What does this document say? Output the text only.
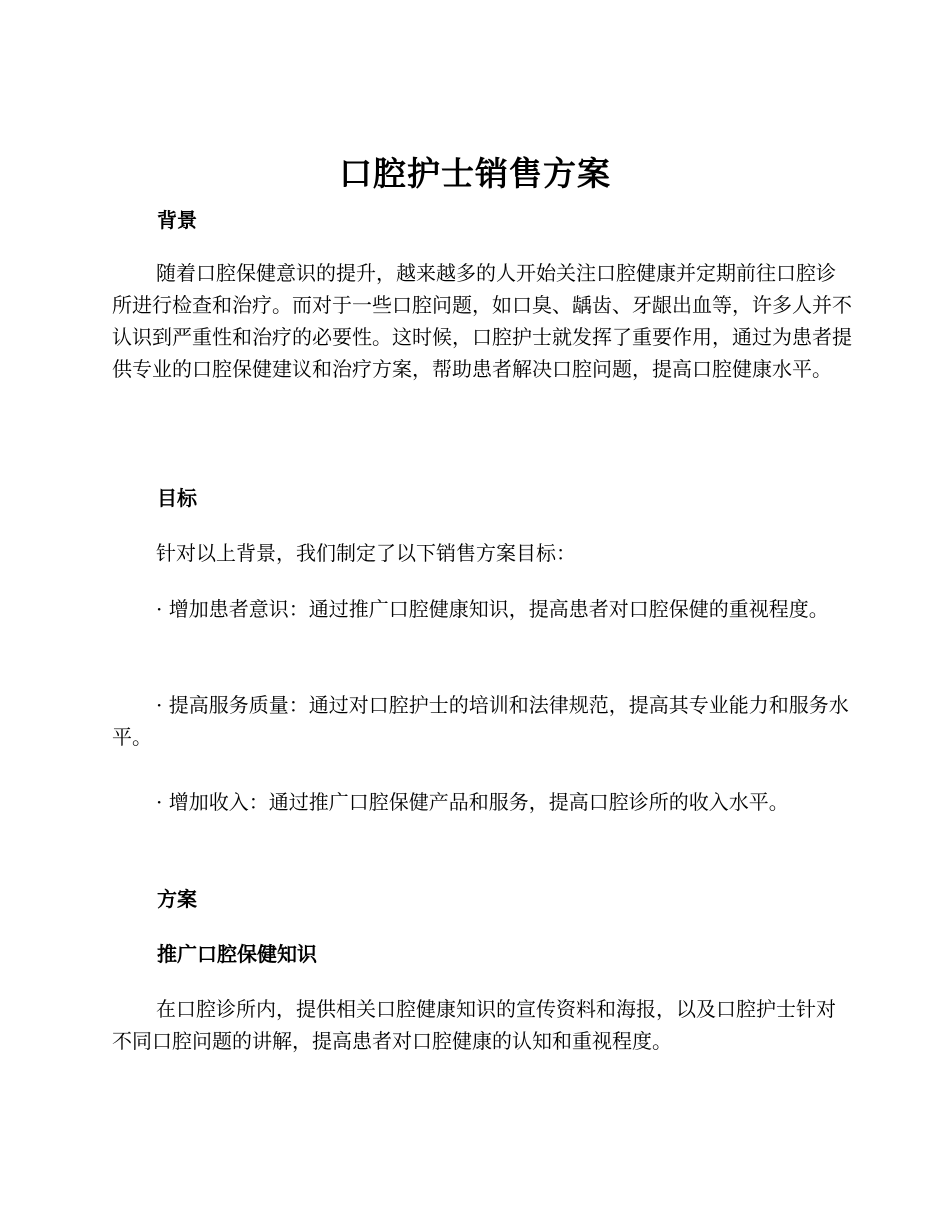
口腔护士销售方案
背景

随着口腔保健意识的提升，越来越多的人开始关注口腔健康并定期前往口腔诊所进行检查和治疗。而对于一些口腔问题，如口臭、龋齿、牙龈出血等，许多人并不认识到严重性和治疗的必要性。这时候，口腔护士就发挥了重要作用，通过为患者提供专业的口腔保健建议和治疗方案，帮助患者解决口腔问题，提高口腔健康水平。

目标

针对以上背景，我们制定了以下销售方案目标：

· 增加患者意识：通过推广口腔健康知识，提高患者对口腔保健的重视程度。

· 提高服务质量：通过对口腔护士的培训和法律规范，提高其专业能力和服务水平。

· 增加收入：通过推广口腔保健产品和服务，提高口腔诊所的收入水平。

方案
推广口腔保健知识

在口腔诊所内，提供相关口腔健康知识的宣传资料和海报，以及口腔护士针对不同口腔问题的讲解，提高患者对口腔健康的认知和重视程度。
